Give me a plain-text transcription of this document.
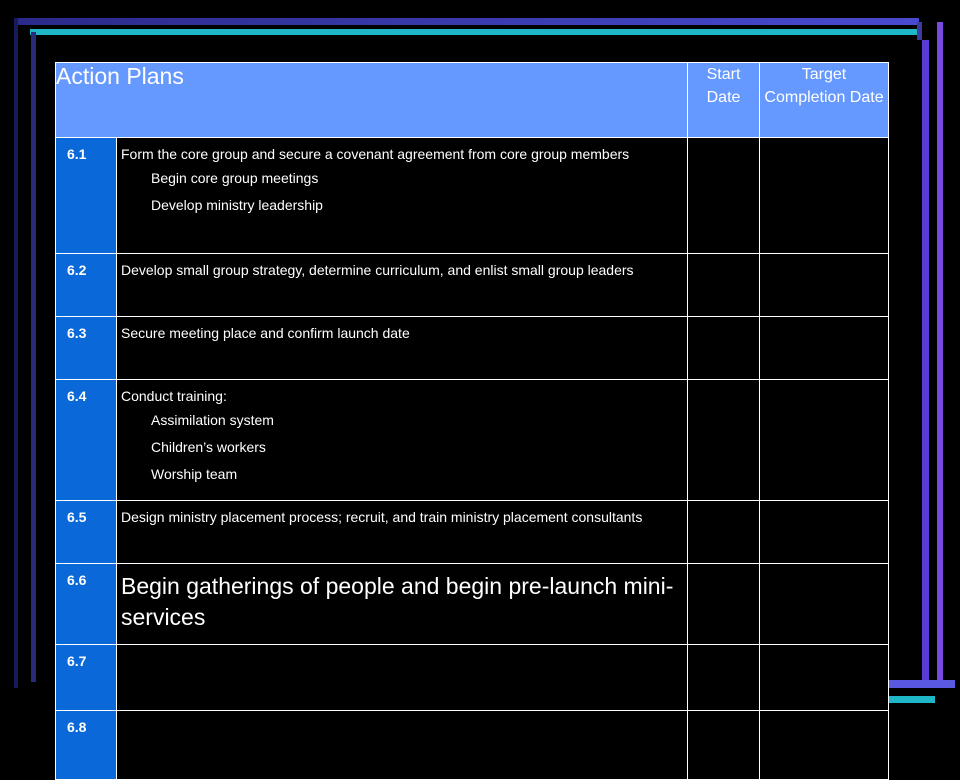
Action Plans		Start Date	Target Completion Date
6.1	Form the core group and secure a covenant agreement from core group members
Begin core group meetings
Develop ministry leadership		

6.2	Develop small group strategy, determine curriculum, and enlist small group leaders		

6.3	Secure meeting place and confirm launch date		

6.4	Conduct training:
Assimilation system
Children’s workers
Worship team		

6.5	Design ministry placement process; recruit, and train ministry placement consultants		

6.6	Begin gatherings of people and begin pre-launch mini-services		

6.7	

6.8	
